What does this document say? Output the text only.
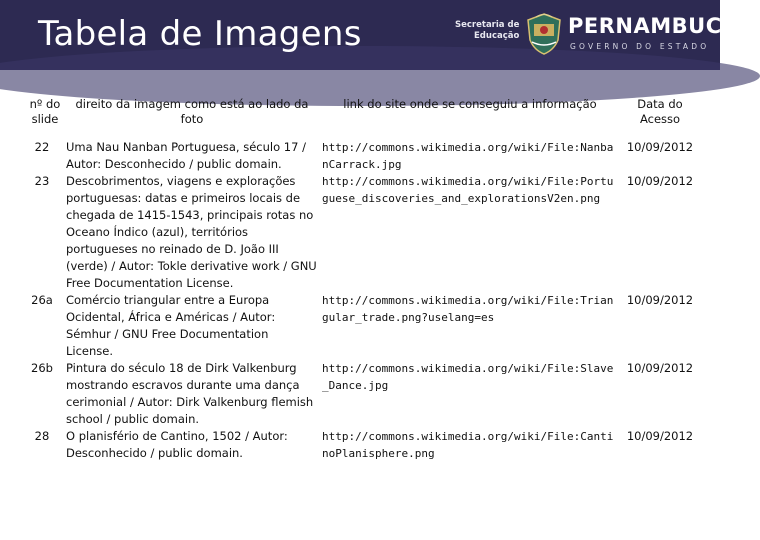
Tabela de Imagens	Secretaria de
Educação PERNAMBUCO
GOVERNO DO ESTADO
nº do slide	direito da imagem como está ao lado da foto	link do site onde se conseguiu a informação	Data do Acesso
22	Uma Nau Nanban Portuguesa, século 17 / Autor: Desconhecido / public domain.	http://commons.wikimedia.org/wiki/File:NanbanCarrack.jpg	10/09/2012
23	Descobrimentos, viagens e explorações portuguesas: datas e primeiros locais de chegada de 1415-1543, principais rotas no Oceano Índico (azul), territórios portugueses no reinado de D. João III (verde) / Autor: Tokle derivative work / GNU Free Documentation License.	http://commons.wikimedia.org/wiki/File:Portuguese_discoveries_and_explorationsV2en.png	10/09/2012
26a	Comércio triangular entre a Europa Ocidental, África e Américas / Autor: Sémhur / GNU Free Documentation License.	http://commons.wikimedia.org/wiki/File:Triangular_trade.png?uselang=es	10/09/2012
26b	Pintura do século 18 de Dirk Valkenburg mostrando escravos durante uma dança cerimonial / Autor: Dirk Valkenburg flemish school / public domain.	http://commons.wikimedia.org/wiki/File:Slave_Dance.jpg	10/09/2012
28	O planisfério de Cantino, 1502 / Autor: Desconhecido / public domain.	http://commons.wikimedia.org/wiki/File:CantinoPlanisphere.png	10/09/2012
